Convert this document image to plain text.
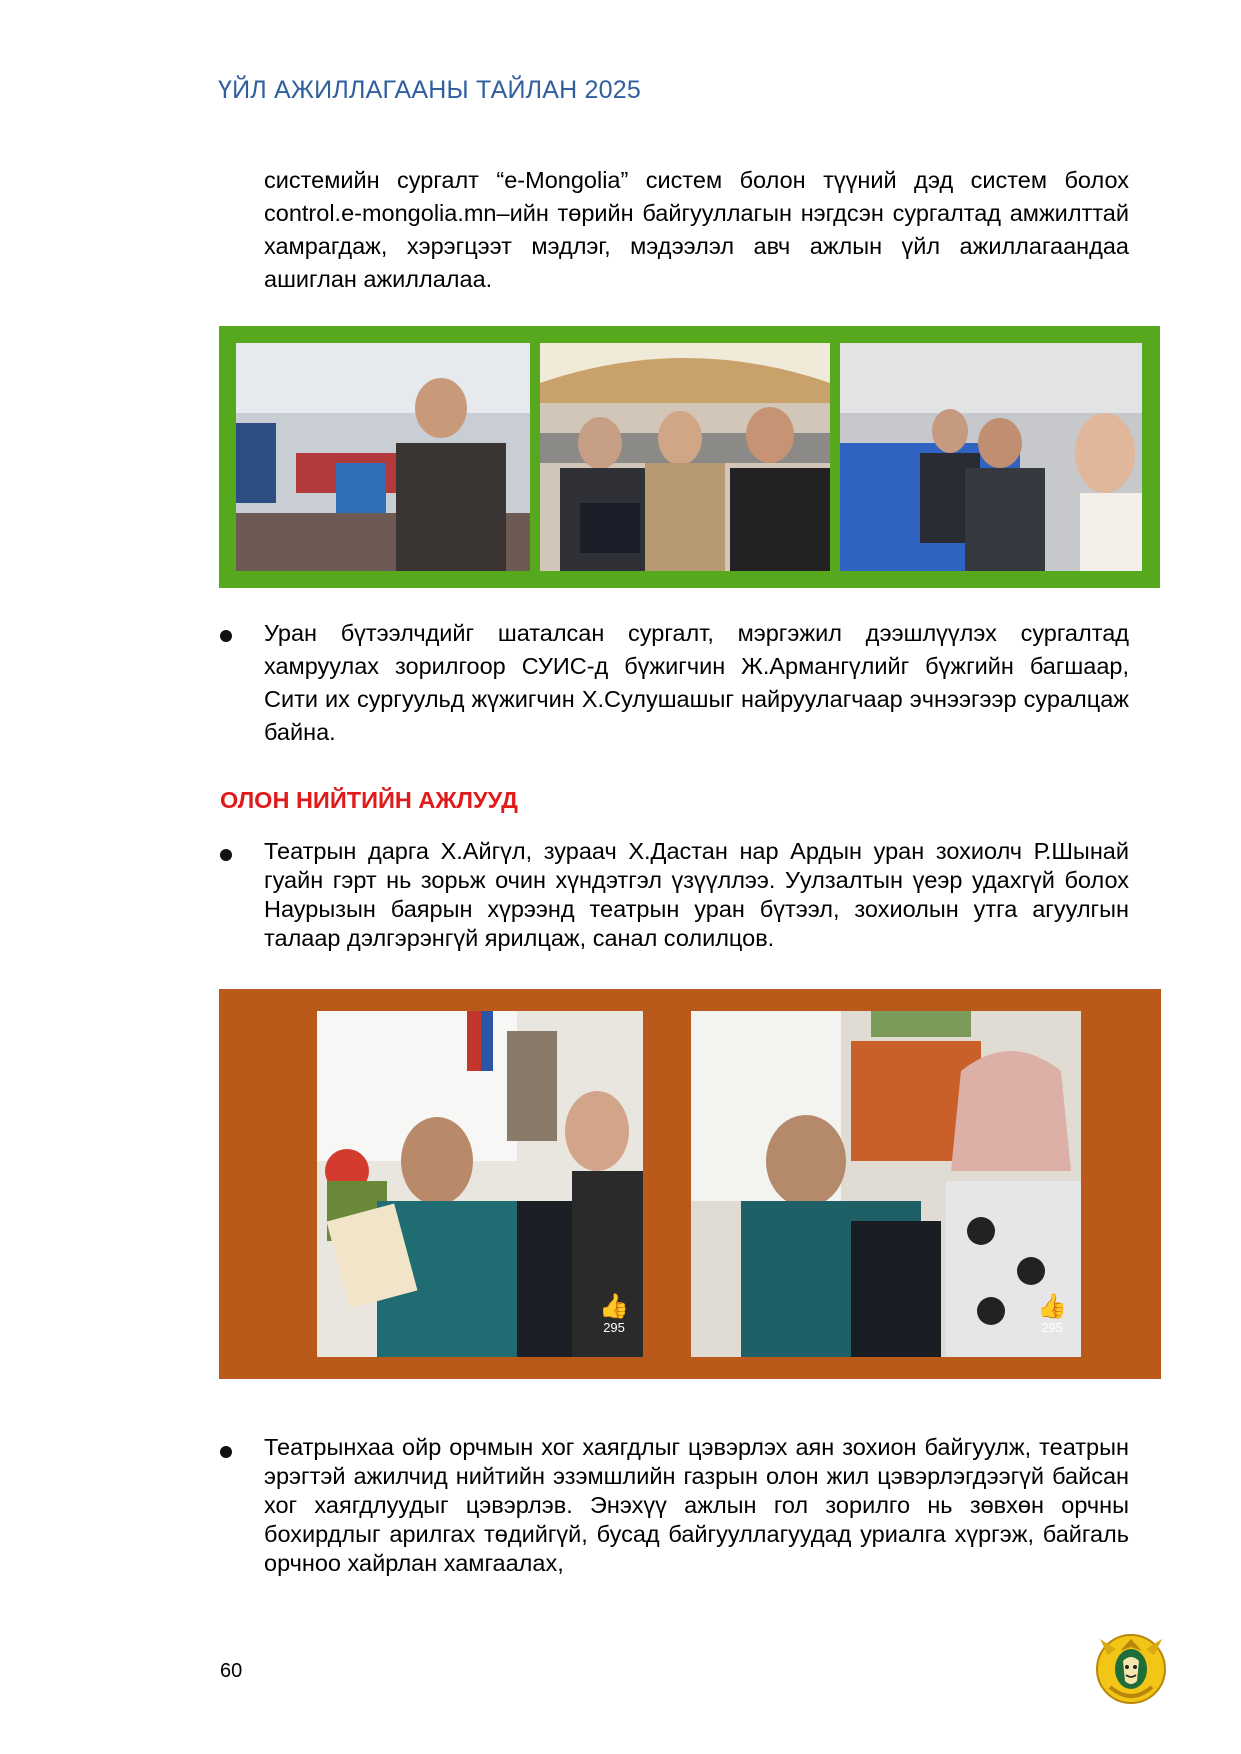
ҮЙЛ АЖИЛЛАГААНЫ ТАЙЛАН 2025
системийн сургалт “e-Mongolia” систем болон түүний дэд систем болох control.e-mongolia.mn–ийн төрийн байгууллагын нэгдсэн сургалтад амжилттай хамрагдаж, хэрэгцээт мэдлэг, мэдээлэл авч ажлын үйл ажиллагаандаа ашиглан ажиллалаа.
Уран бүтээлчдийг шаталсан сургалт, мэргэжил дээшлүүлэх сургалтад хамруулах зорилгоор СУИС-д бүжигчин Ж.Армангүлийг бүжгийн багшаар, Сити их сургуульд жүжигчин Х.Сулушашыг найруулагчаар эчнээгээр суралцаж байна.
ОЛОН НИЙТИЙН АЖЛУУД
Театрын дарга Х.Айгүл, зураач Х.Дастан нар Ардын уран зохиолч Р.Шынай гуайн гэрт нь зорьж очин хүндэтгэл үзүүллээ. Уулзалтын үеэр удахгүй болох Наурызын баярын хүрээнд театрын уран бүтээл, зохиолын утга агуулгын талаар дэлгэрэнгүй ярилцаж, санал солилцов.
👍
295
👍
295
Театрынхаа ойр орчмын хог хаягдлыг цэвэрлэх аян зохион байгуулж, театрын эрэгтэй ажилчид нийтийн эзэмшлийн газрын олон жил цэвэрлэгдээгүй байсан хог хаягдлуудыг цэвэрлэв. Энэхүү ажлын гол зорилго нь зөвхөн орчны бохирдлыг арилгах төдийгүй, бусад байгууллагуудад уриалга хүргэж, байгаль орчноо хайрлан хамгаалах,
60
